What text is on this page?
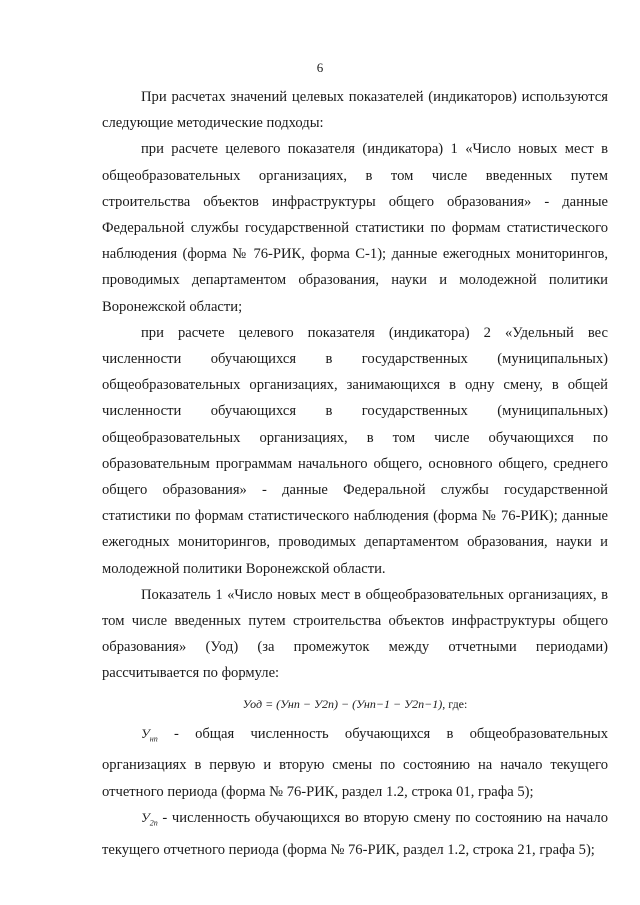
6

При расчетах значений целевых показателей (индикаторов) используются следующие методические подходы:

при расчете целевого показателя (индикатора) 1 «Число новых мест в общеобразовательных организациях, в том числе введенных путем строительства объектов инфраструктуры общего образования» - данные Федеральной службы государственной статистики по формам статистического наблюдения (форма № 76-РИК, форма С-1); данные ежегодных мониторингов, проводимых департаментом образования, науки и молодежной политики Воронежской области;

при расчете целевого показателя (индикатора) 2 «Удельный вес численности обучающихся в государственных (муниципальных) общеобразовательных организациях, занимающихся в одну смену, в общей численности обучающихся в государственных (муниципальных) общеобразовательных организациях, в том числе обучающихся по образовательным программам начального общего, основного общего, среднего общего образования» - данные Федеральной службы государственной статистики по формам статистического наблюдения (форма № 76-РИК); данные ежегодных мониторингов, проводимых департаментом образования, науки и молодежной политики Воронежской области.

Показатель 1 «Число новых мест в общеобразовательных организациях, в том числе введенных путем строительства объектов инфраструктуры общего образования» (Уод) (за промежуток между отчетными периодами) рассчитывается по формуле:

Уод = (Унп − У2п) − (Унп−1 − У2п−1), где:

$У_{нп}$ - общая численность обучающихся в общеобразовательных организациях в первую и вторую смены по состоянию на начало текущего отчетного периода (форма № 76-РИК, раздел 1.2, строка 01, графа 5);

$У_{2п}$ - численность обучающихся во вторую смену по состоянию на начало текущего отчетного периода (форма № 76-РИК, раздел 1.2, строка 21, графа 5);
